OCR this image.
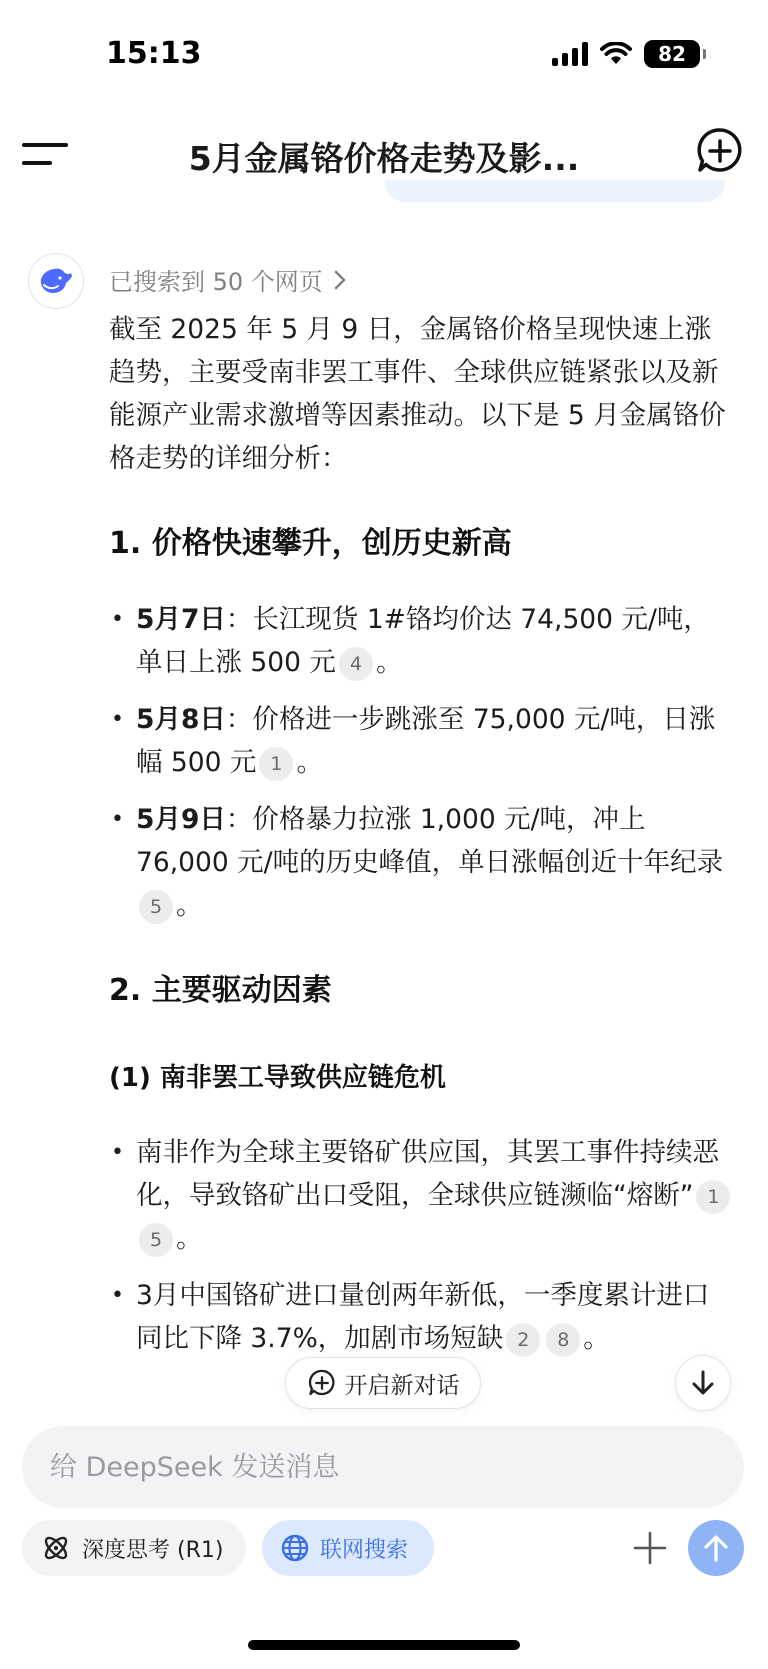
15:13	82
5月金属铬价格走势及影...
已搜索到 50 个网页

截至 2025 年 5 月 9 日，金属铬价格呈现快速上涨趋势，主要受南非罢工事件、全球供应链紧张以及新能源产业需求激增等因素推动。以下是 5 月金属铬价格走势的详细分析：

1. 价格快速攀升，创历史新高
• 5月7日：长江现货 1#铬均价达 74,500 元/吨，单日上涨 500 元 4 。
• 5月8日：价格进一步跳涨至 75,000 元/吨，日涨幅 500 元 1 。
• 5月9日：价格暴力拉涨 1,000 元/吨，冲上 76,000 元/吨的历史峰值，单日涨幅创近十年纪录5 。
2. 主要驱动因素
(1) 南非罢工导致供应链危机
• 南非作为全球主要铬矿供应国，其罢工事件持续恶化，导致铬矿出口受阻，全球供应链濒临“熔断” 15 。
• 3月中国铬矿进口量创两年新低，一季度累计进口同比下降 3.7%，加剧市场短缺 2 8 。
开启新对话
给 DeepSeek 发送消息
深度思考 (R1)	联网搜索
